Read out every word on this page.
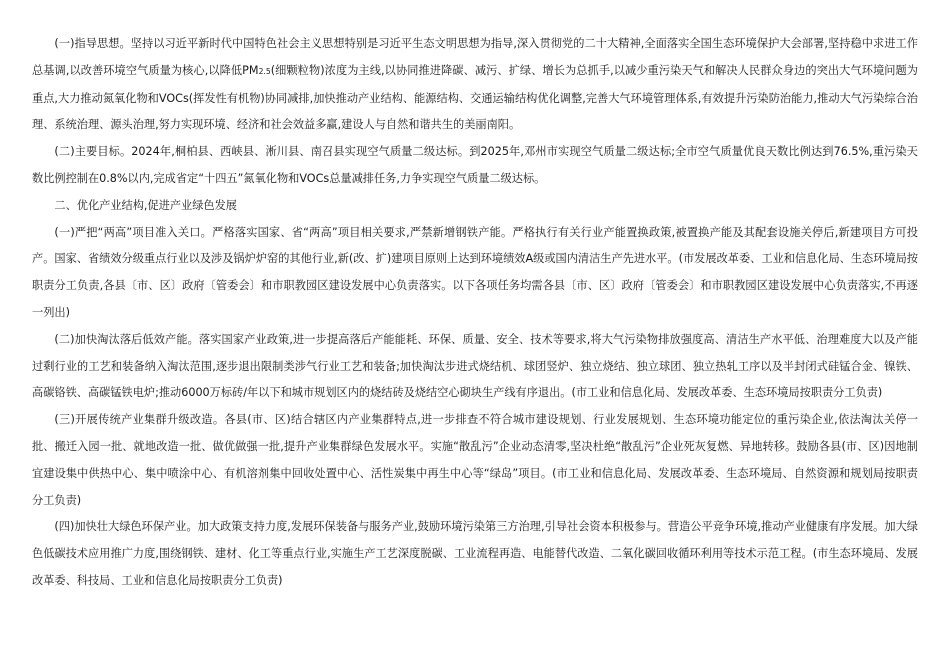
(一)指导思想。坚持以习近平新时代中国特色社会主义思想特别是习近平生态文明思想为指导,深入贯彻党的二十大精神,全面落实全国生态环境保护大会部署,坚持稳中求进工作总基调,以改善环境空气质量为核心,以降低PM2.5(细颗粒物)浓度为主线,以协同推进降碳、减污、扩绿、增长为总抓手,以减少重污染天气和解决人民群众身边的突出大气环境问题为重点,大力推动氮氧化物和VOCs(挥发性有机物)协同减排,加快推动产业结构、能源结构、交通运输结构优化调整,完善大气环境管理体系,有效提升污染防治能力,推动大气污染综合治理、系统治理、源头治理,努力实现环境、经济和社会效益多赢,建设人与自然和谐共生的美丽南阳。

(二)主要目标。2024年,桐柏县、西峡县、淅川县、南召县实现空气质量二级达标。到2025年,邓州市实现空气质量二级达标;全市空气质量优良天数比例达到76.5%,重污染天数比例控制在0.8%以内,完成省定“十四五”氮氧化物和VOCs总量减排任务,力争实现空气质量二级达标。

二、优化产业结构,促进产业绿色发展

(一)严把“两高”项目准入关口。严格落实国家、省“两高”项目相关要求,严禁新增钢铁产能。严格执行有关行业产能置换政策,被置换产能及其配套设施关停后,新建项目方可投产。国家、省绩效分级重点行业以及涉及锅炉炉窑的其他行业,新(改、扩)建项目原则上达到环境绩效A级或国内清洁生产先进水平。(市发展改革委、工业和信息化局、生态环境局按职责分工负责,各县〔市、区〕政府〔管委会〕和市职教园区建设发展中心负责落实。以下各项任务均需各县〔市、区〕政府〔管委会〕和市职教园区建设发展中心负责落实,不再逐一列出)

(二)加快淘汰落后低效产能。落实国家产业政策,进一步提高落后产能能耗、环保、质量、安全、技术等要求,将大气污染物排放强度高、清洁生产水平低、治理难度大以及产能过剩行业的工艺和装备纳入淘汰范围,逐步退出限制类涉气行业工艺和装备;加快淘汰步进式烧结机、球团竖炉、独立烧结、独立球团、独立热轧工序以及半封闭式硅锰合金、镍铁、高碳铬铁、高碳锰铁电炉;推动6000万标砖/年以下和城市规划区内的烧结砖及烧结空心砌块生产线有序退出。(市工业和信息化局、发展改革委、生态环境局按职责分工负责)

(三)开展传统产业集群升级改造。各县(市、区)结合辖区内产业集群特点,进一步排查不符合城市建设规划、行业发展规划、生态环境功能定位的重污染企业,依法淘汰关停一批、搬迁入园一批、就地改造一批、做优做强一批,提升产业集群绿色发展水平。实施“散乱污”企业动态清零,坚决杜绝“散乱污”企业死灰复燃、异地转移。鼓励各县(市、区)因地制宜建设集中供热中心、集中喷涂中心、有机溶剂集中回收处置中心、活性炭集中再生中心等“绿岛”项目。(市工业和信息化局、发展改革委、生态环境局、自然资源和规划局按职责分工负责)

(四)加快壮大绿色环保产业。加大政策支持力度,发展环保装备与服务产业,鼓励环境污染第三方治理,引导社会资本积极参与。营造公平竞争环境,推动产业健康有序发展。加大绿色低碳技术应用推广力度,围绕钢铁、建材、化工等重点行业,实施生产工艺深度脱碳、工业流程再造、电能替代改造、二氧化碳回收循环利用等技术示范工程。(市生态环境局、发展改革委、科技局、工业和信息化局按职责分工负责)
